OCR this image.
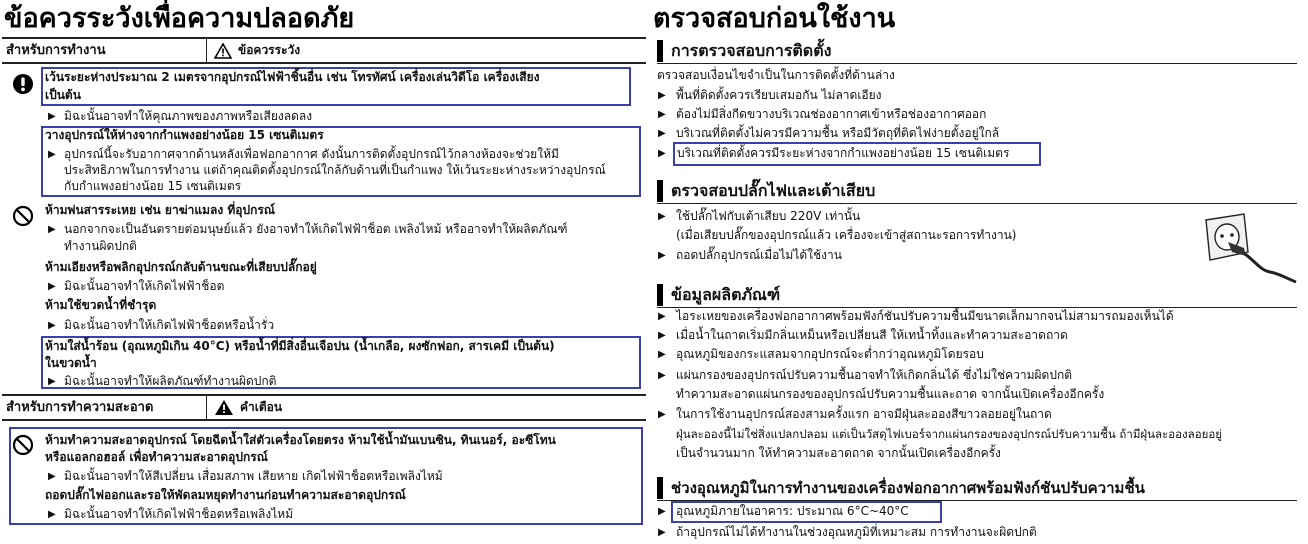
ข้อควรระวังเพื่อความปลอดภัย
สำหรับการทำงาน	ข้อควรระวัง
เว้นระยะห่างประมาณ 2 เมตรจากอุปกรณ์ไฟฟ้าชิ้นอื่น เช่น โทรทัศน์ เครื่องเล่นวิดีโอ เครื่องเสียง
เป็นต้น
▶ มิฉะนั้นอาจทำให้คุณภาพของภาพหรือเสียงลดลง
วางอุปกรณ์ให้ห่างจากกำแพงอย่างน้อย 15 เซนติเมตร
▶ อุปกรณ์นี้จะรับอากาศจากด้านหลังเพื่อฟอกอากาศ ดังนั้นการติดตั้งอุปกรณ์ไว้กลางห้องจะช่วยให้มี
ประสิทธิภาพในการทำงาน แต่ถ้าคุณติดตั้งอุปกรณ์ใกล้กับด้านที่เป็นกำแพง ให้เว้นระยะห่างระหว่างอุปกรณ์
กับกำแพงอย่างน้อย 15 เซนติเมตร
ห้ามพ่นสารระเหย เช่น ยาฆ่าแมลง ที่อุปกรณ์
▶ นอกจากจะเป็นอันตรายต่อมนุษย์แล้ว ยังอาจทำให้เกิดไฟฟ้าช็อต เพลิงไหม้ หรืออาจทำให้ผลิตภัณฑ์
ทำงานผิดปกติ
ห้ามเอียงหรือพลิกอุปกรณ์กลับด้านขณะที่เสียบปลั๊กอยู่
▶ มิฉะนั้นอาจทำให้เกิดไฟฟ้าช็อต
ห้ามใช้ขวดน้ำที่ชำรุด
▶ มิฉะนั้นอาจทำให้เกิดไฟฟ้าช็อตหรือน้ำรั่ว
ห้ามใส่น้ำร้อน (อุณหภูมิเกิน 40°C) หรือน้ำที่มีสิ่งอื่นเจือปน (น้ำเกลือ, ผงซักฟอก, สารเคมี เป็นต้น)
ในขวดน้ำ
▶ มิฉะนั้นอาจทำให้ผลิตภัณฑ์ทำงานผิดปกติ
สำหรับการทำความสะอาด	คำเตือน
ห้ามทำความสะอาดอุปกรณ์ โดยฉีดน้ำใส่ตัวเครื่องโดยตรง ห้ามใช้น้ำมันเบนซิน, ทินเนอร์, อะซีโทน
หรือแอลกอฮอล์ เพื่อทำความสะอาดอุปกรณ์
▶ มิฉะนั้นอาจทำให้สีเปลี่ยน เสื่อมสภาพ เสียหาย เกิดไฟฟ้าช็อตหรือเพลิงไหม้
ถอดปลั๊กไฟออกและรอให้พัดลมหยุดทำงานก่อนทำความสะอาดอุปกรณ์
▶ มิฉะนั้นอาจทำให้เกิดไฟฟ้าช็อตหรือเพลิงไหม้
ตรวจสอบก่อนใช้งาน
การตรวจสอบการติดตั้ง
ตรวจสอบเงื่อนไขจำเป็นในการติดตั้งที่ด้านล่าง
▶ พื้นที่ติดตั้งควรเรียบเสมอกัน ไม่ลาดเอียง
▶ ต้องไม่มีสิ่งกีดขวางบริเวณช่องอากาศเข้าหรือช่องอากาศออก
▶ บริเวณที่ติดตั้งไม่ควรมีความชื้น หรือมีวัตถุที่ติดไฟง่ายตั้งอยู่ใกล้
▶ บริเวณที่ติดตั้งควรมีระยะห่างจากกำแพงอย่างน้อย 15 เซนติเมตร
ตรวจสอบปลั๊กไฟและเต้าเสียบ
▶ ใช้ปลั๊กไฟกับเต้าเสียบ 220V เท่านั้น
(เมื่อเสียบปลั๊กของอุปกรณ์แล้ว เครื่องจะเข้าสู่สถานะรอการทำงาน)
▶ ถอดปลั๊กอุปกรณ์เมื่อไม่ได้ใช้งาน
ข้อมูลผลิตภัณฑ์
▶ ไอระเหยของเครื่องฟอกอากาศพร้อมฟังก์ชันปรับความชื้นมีขนาดเล็กมากจนไม่สามารถมองเห็นได้
▶ เมื่อน้ำในถาดเริ่มมีกลิ่นเหม็นหรือเปลี่ยนสี ให้เทน้ำทิ้งและทำความสะอาดถาด
▶ อุณหภูมิของกระแสลมจากอุปกรณ์จะต่ำกว่าอุณหภูมิโดยรอบ
▶ แผ่นกรองของอุปกรณ์ปรับความชื้นอาจทำให้เกิดกลิ่นได้ ซึ่งไม่ใช่ความผิดปกติ
ทำความสะอาดแผ่นกรองของอุปกรณ์ปรับความชื้นและถาด จากนั้นเปิดเครื่องอีกครั้ง
▶ ในการใช้งานอุปกรณ์สองสามครั้งแรก อาจมีฝุ่นละอองสีขาวลอยอยู่ในถาด
ฝุ่นละอองนี้ไม่ใช่สิ่งแปลกปลอม แต่เป็นวัสดุไฟเบอร์จากแผ่นกรองของอุปกรณ์ปรับความชื้น ถ้ามีฝุ่นละอองลอยอยู่
เป็นจำนวนมาก ให้ทำความสะอาดถาด จากนั้นเปิดเครื่องอีกครั้ง
ช่วงอุณหภูมิในการทำงานของเครื่องฟอกอากาศพร้อมฟังก์ชันปรับความชื้น
▶ อุณหภูมิภายในอาคาร: ประมาณ 6°C~40°C
▶ ถ้าอุปกรณ์ไม่ได้ทำงานในช่วงอุณหภูมิที่เหมาะสม การทำงานจะผิดปกติ
